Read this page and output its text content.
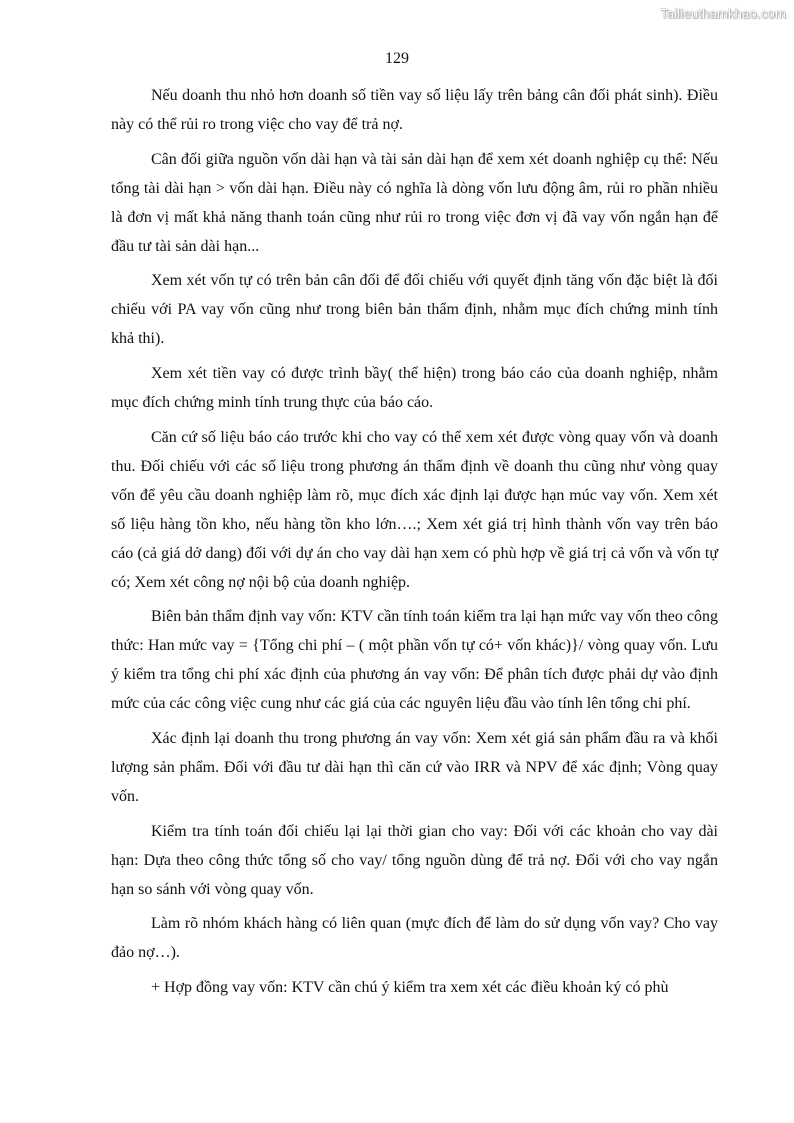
Tailieuthamkhao.com
129

Nếu doanh thu nhỏ hơn doanh số tiền vay số liệu lấy trên bảng cân đối phát sinh). Điều này có thể rủi ro trong việc cho vay để trả nợ.

Cân đối giữa nguồn vốn dài hạn và tài sản dài hạn để xem xét doanh nghiệp cụ thể: Nếu tổng tài dài hạn > vốn dài hạn. Điều này có nghĩa là dòng vốn lưu động âm, rủi ro phần nhiều là đơn vị mất khả năng thanh toán cũng như rủi ro trong việc đơn vị đã vay vốn ngắn hạn để đầu tư tài sản dài hạn...

Xem xét vốn tự có trên bản cân đối để đối chiếu với quyết định tăng vốn đặc biệt là đối chiếu với PA vay vốn cũng như trong biên bản thẩm định, nhằm mục đích chứng minh tính khả thi).

Xem xét tiền vay có được trình bầy( thể hiện) trong báo cáo của doanh nghiệp, nhằm mục đích chứng minh tính trung thực của báo cáo.

Căn cứ số liệu báo cáo trước khi cho vay có thể xem xét được vòng quay vốn và doanh thu. Đối chiếu với các số liệu trong phương án thẩm định về doanh thu cũng như vòng quay vốn để yêu cầu doanh nghiệp làm rõ, mục đích xác định lại được hạn múc vay vốn. Xem xét số liệu hàng tồn kho, nếu hàng tồn kho lớn….; Xem xét giá trị hình thành vốn vay trên báo cáo (cả giá dở dang) đối với dự án cho vay dài hạn xem có phù hợp về giá trị cả vốn và vốn tự có; Xem xét công nợ nội bộ của doanh nghiệp.

Biên bản thẩm định vay vốn: KTV cần tính toán kiểm tra lại hạn mức vay vốn theo công thức: Han mức vay = {Tổng chi phí – ( một phần vốn tự có+ vốn khác)}/ vòng quay vốn. Lưu ý kiểm tra tổng chi phí xác định của phương án vay vốn: Để phân tích được phải dự vào định mức của các công việc cung như các giá của các nguyên liệu đầu vào tính lên tổng chi phí.

Xác định lại doanh thu trong phương án vay vốn: Xem xét giá sản phẩm đầu ra và khối lượng sản phẩm. Đối với đầu tư dài hạn thì căn cứ vào IRR và NPV để xác định; Vòng quay vốn.

Kiểm tra tính toán đối chiếu lại lại thời gian cho vay: Đối với các khoản cho vay dài hạn: Dựa theo công thức tổng số cho vay/ tổng nguồn dùng để trả nợ. Đối với cho vay ngắn hạn so sánh với vòng quay vốn.

Làm rõ nhóm khách hàng có liên quan (mực đích để làm do sử dụng vốn vay? Cho vay đảo nợ…).

+ Hợp đồng vay vốn: KTV cần chú ý kiểm tra xem xét các điều khoản ký có phù
